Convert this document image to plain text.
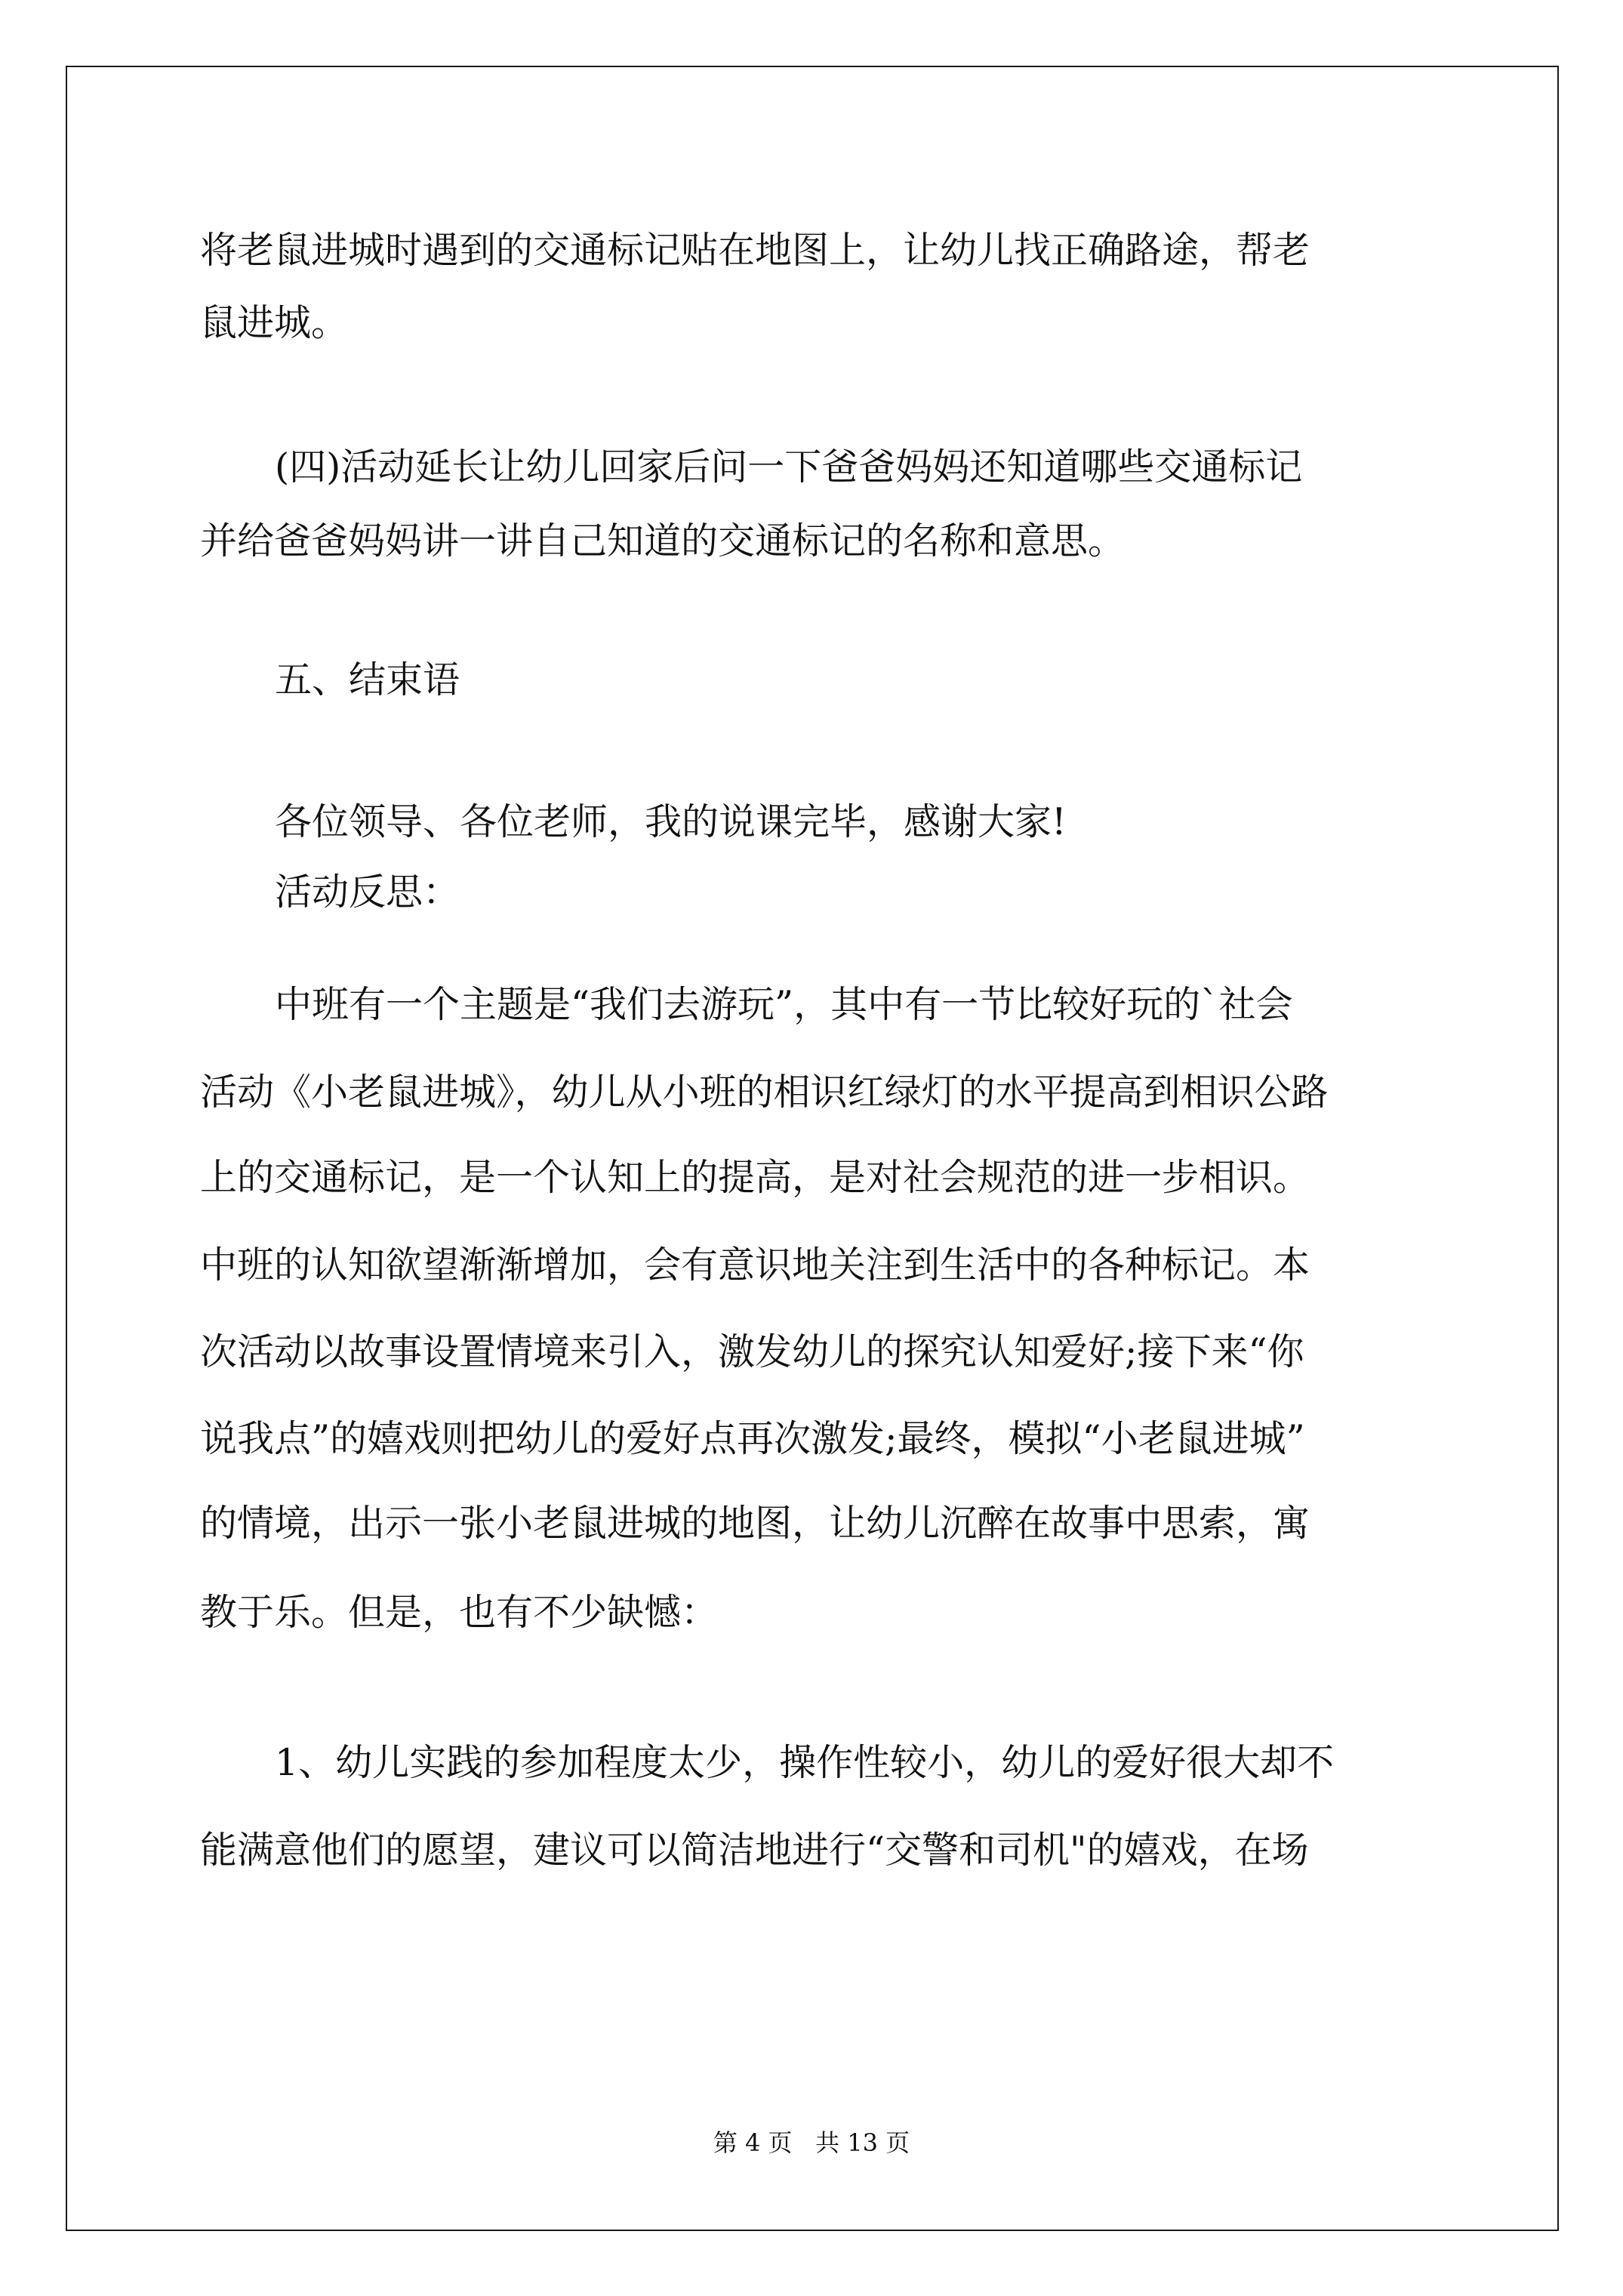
将老鼠进城时遇到的交通标记贴在地图上，让幼儿找正确路途，帮老

鼠进城。

(四)活动延长让幼儿回家后问一下爸爸妈妈还知道哪些交通标记

并给爸爸妈妈讲一讲自己知道的交通标记的名称和意思。

五、结束语

各位领导、各位老师，我的说课完毕，感谢大家!

活动反思：

中班有一个主题是“我们去游玩”，其中有一节比较好玩的`社会

活动《小老鼠进城》，幼儿从小班的相识红绿灯的水平提高到相识公路

上的交通标记，是一个认知上的提高，是对社会规范的进一步相识。

中班的认知欲望渐渐增加，会有意识地关注到生活中的各种标记。本

次活动以故事设置情境来引入，激发幼儿的探究认知爱好;接下来“你

说我点”的嬉戏则把幼儿的爱好点再次激发;最终，模拟“小老鼠进城”

的情境，出示一张小老鼠进城的地图，让幼儿沉醉在故事中思索，寓

教于乐。但是，也有不少缺憾：

1、幼儿实践的参加程度太少，操作性较小，幼儿的爱好很大却不

能满意他们的愿望，建议可以简洁地进行“交警和司机"的嬉戏，在场

第 4 页   共 13 页
